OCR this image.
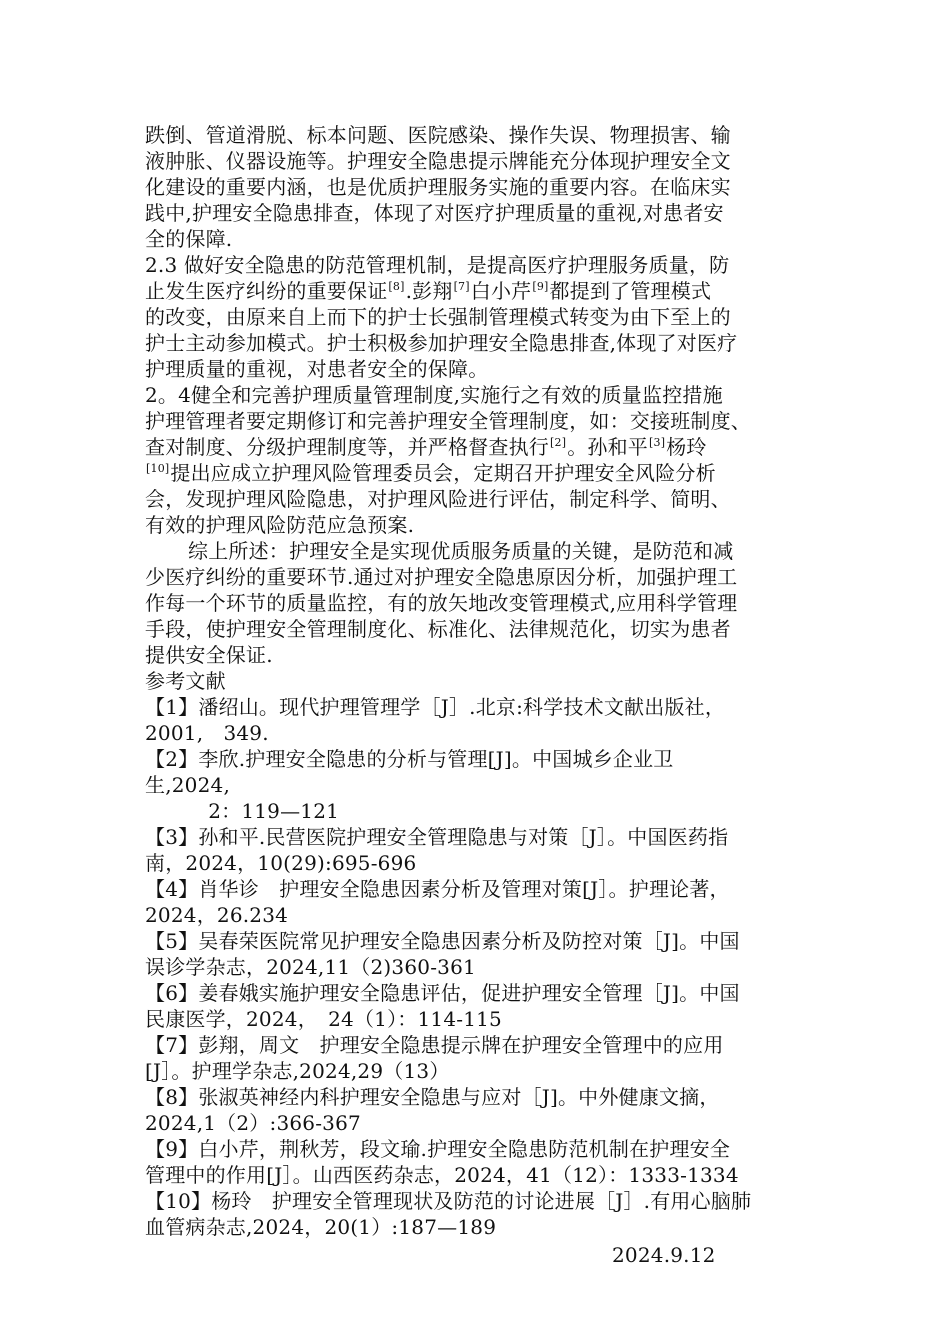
跌倒、管道滑脱、标本问题、医院感染、操作失误、物理损害、输
液肿胀、仪器设施等。护理安全隐患提示牌能充分体现护理安全文
化建设的重要内涵，也是优质护理服务实施的重要内容。在临床实
践中,护理安全隐患排查，体现了对医疗护理质量的重视,对患者安
全的保障.
2.3 做好安全隐患的防范管理机制，是提高医疗护理服务质量，防
止发生医疗纠纷的重要保证[8].彭翔[7]白小芹[9]都提到了管理模式
的改变，由原来自上而下的护士长强制管理模式转变为由下至上的
护士主动参加模式。护士积极参加护理安全隐患排查,体现了对医疗
护理质量的重视，对患者安全的保障。
2。4健全和完善护理质量管理制度,实施行之有效的质量监控措施
护理管理者要定期修订和完善护理安全管理制度，如：交接班制度、
查对制度、分级护理制度等，并严格督查执行[2]。孙和平[3]杨玲
[10]提出应成立护理风险管理委员会，定期召开护理安全风险分析
会，发现护理风险隐患，对护理风险进行评估，制定科学、简明、
有效的护理风险防范应急预案.
综上所述：护理安全是实现优质服务质量的关键，是防范和减
少医疗纠纷的重要环节.通过对护理安全隐患原因分析，加强护理工
作每一个环节的质量监控，有的放矢地改变管理模式,应用科学管理
手段，使护理安全管理制度化、标准化、法律规范化，切实为患者
提供安全保证.
参考文献
【1】潘绍山。现代护理管理学［J］.北京:科学技术文献出版社，
2001,　349.
【2】李欣.护理安全隐患的分析与管理[J]。中国城乡企业卫
生,2024,
　2：119—121
【3】孙和平.民营医院护理安全管理隐患与对策［J］。中国医药指
南，2024，10(29):695-696
【4】肖华诊　护理安全隐患因素分析及管理对策[J］。护理论著，
2024，26.234
【5】吴春荣医院常见护理安全隐患因素分析及防控对策［J]。中国
误诊学杂志，2024,11（2)360-361
【6】姜春娥实施护理安全隐患评估，促进护理安全管理［J]。中国
民康医学，2024，　24（1）：114-115
【7】彭翔，周文　护理安全隐患提示牌在护理安全管理中的应用
[J］。护理学杂志,2024,29（13）
【8】张淑英神经内科护理安全隐患与应对［J]。中外健康文摘，
2024,1（2）:366-367
【9】白小芹，荆秋芳，段文瑜.护理安全隐患防范机制在护理安全
管理中的作用[J］。山西医药杂志，2024，41（12）：1333-1334
【10】杨玲　护理安全管理现状及防范的讨论进展［J］.有用心脑肺
血管病杂志,2024，20(1）:187—189
2024.9.12
